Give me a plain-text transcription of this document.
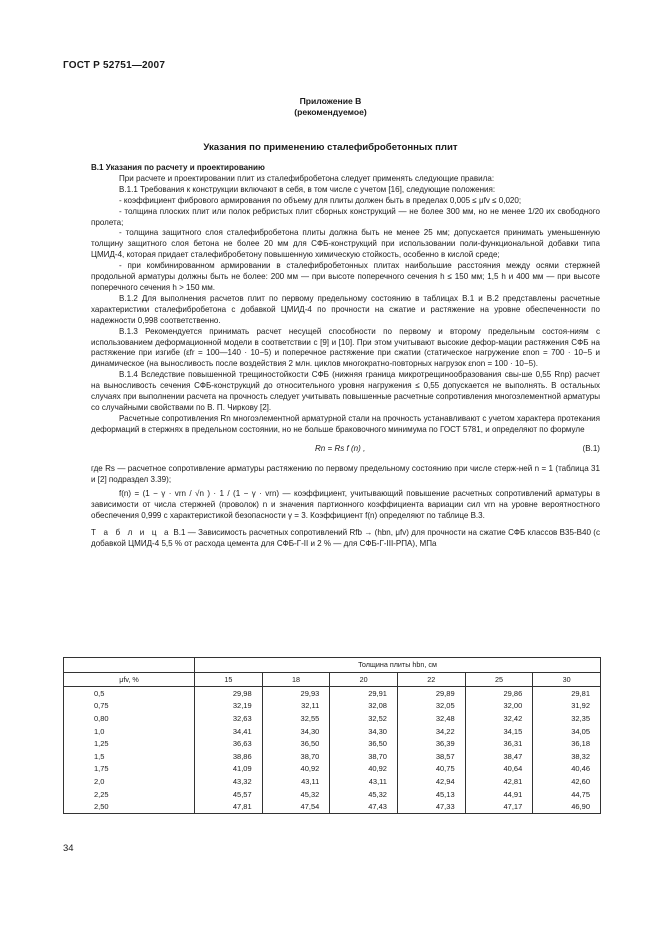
ГОСТ Р 52751—2007
Приложение В
(рекомендуемое)
Указания по применению сталефибробетонных плит

В.1 Указания по расчету и проектированию

При расчете и проектировании плит из сталефибробетона следует применять следующие правила:

В.1.1 Требования к конструкции включают в себя, в том числе с учетом [16], следующие положения:

- коэффициент фибрового армирования по объему для плиты должен быть в пределах 0,005 ≤ μfv ≤ 0,020;

- толщина плоских плит или полок ребристых плит сборных конструкций — не более 300 мм, но не менее 1/20 их свободного пролета;

- толщина защитного слоя сталефибробетона плиты должна быть не менее 25 мм; допускается принимать уменьшенную толщину защитного слоя бетона не более 20 мм для СФБ-конструкций при использовании поли-функциональной добавки типа ЦМИД-4, которая придает сталефибробетону повышенную химическую стойкость, особенно в кислой среде;

- при комбинированном армировании в сталефибробетонных плитах наибольшие расстояния между осями стержней продольной арматуры должны быть не более: 200 мм — при высоте поперечного сечения h ≤ 150 мм; 1,5 h и 400 мм — при высоте поперечного сечения h > 150 мм.

В.1.2 Для выполнения расчетов плит по первому предельному состоянию в таблицах В.1 и В.2 представлены расчетные характеристики сталефибробетона с добавкой ЦМИД-4 по прочности на сжатие и растяжение на уровне обеспеченности по надежности 0,998 соответственно.

В.1.3 Рекомендуется принимать расчет несущей способности по первому и второму предельным состоя-ниям с использованием деформационной модели в соответствии с [9] и [10]. При этом учитывают высокие дефор-мации растяжения СФБ на растяжение при изгибе (εfr = 100—140 · 10−5) и поперечное растяжение при сжатии (статическое нагружение εnon = 700 · 10−5 и динамическое (на выносливость после воздействия 2 млн. циклов многократно-повторных нагрузок εnon = 100 · 10−5).

В.1.4 Вследствие повышенной трещиностойкости СФБ (нижняя граница микротрещинообразования свы-ше 0,55 Rnp) расчет на выносливость сечения СФБ-конструкций до относительного уровня нагружения ≤ 0,55 допускается не выполнять. В остальных случаях при выполнении расчета на прочность следует учитывать повышенные расчетные сопротивления многоэлементной арматуры со случайными свойствами по В. П. Чиркову [2].

Расчетные сопротивления Rn многоэлементной арматурной стали на прочность устанавливают с учетом характера протекания деформаций в стержнях в предельном состоянии, но не больше браковочного минимума по ГОСТ 5781, и определяют по формуле

Rn = Rs f (n) ,	(В.1)

где Rs — расчетное сопротивление арматуры растяжению по первому предельному состоянию при числе стерж-ней n = 1 (таблица 31 и [2] подраздел 3.39);

f(n) = (1 − γ · vrn / √n ) · 1 / (1 − γ · vrn) — коэффициент, учитывающий повышение расчетных сопротивлений арматуры в зависимости от числа стержней (проволок) n и значения партионного коэффициента вариации сил vrn на уровне вероятностного обеспечения 0,999 с характеристикой безопасности γ = 3. Коэффициент f(n) определяют по таблице В.3.

Т а б л и ц а В.1 — Зависимость расчетных сопротивлений Rfb → (hbn, μfv) для прочности на сжатие СФБ классов В35-В40 (с добавкой ЦМИД-4 5,5 % от расхода цемента для СФБ-Г-II и 2 % — для СФБ-Г-III-РПА), МПа

	Толщина плиты hbn, см					
μfv, %	15	18	20	22	25	30
0,5	29,98	29,93	29,91	29,89	29,86	29,81
0,75	32,19	32,11	32,08	32,05	32,00	31,92
0,80	32,63	32,55	32,52	32,48	32,42	32,35
1,0	34,41	34,30	34,30	34,22	34,15	34,05
1,25	36,63	36,50	36,50	36,39	36,31	36,18
1,5	38,86	38,70	38,70	38,57	38,47	38,32
1,75	41,09	40,92	40,92	40,75	40,64	40,46
2,0	43,32	43,11	43,11	42,94	42,81	42,60
2,25	45,57	45,32	45,32	45,13	44,91	44,75
2,50	47,81	47,54	47,43	47,33	47,17	46,90
34
